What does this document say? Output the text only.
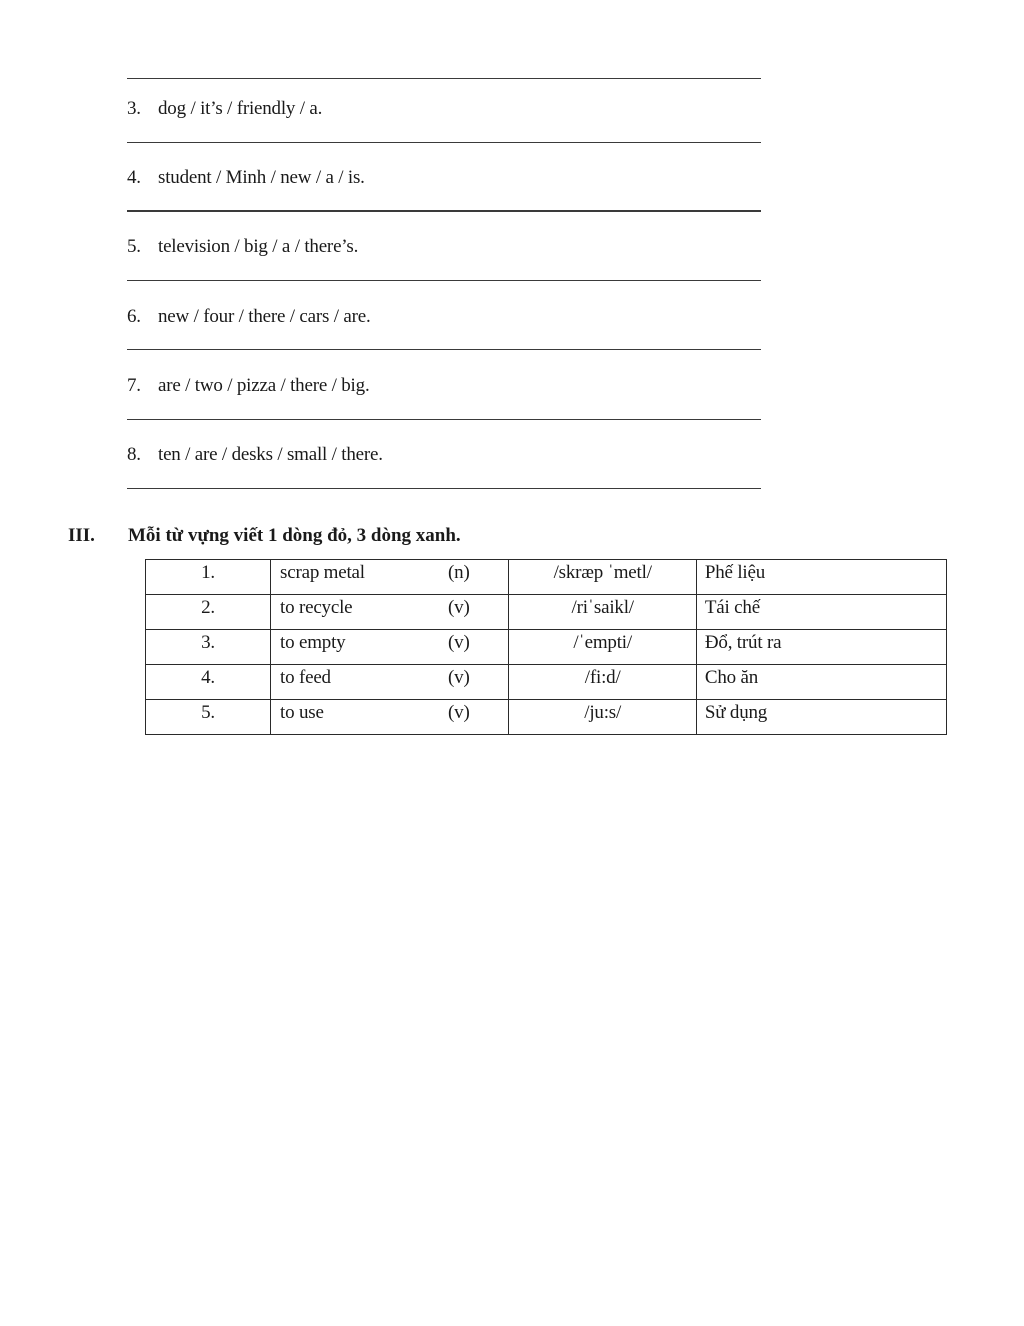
3. dog / it’s / friendly / a.
4. student / Minh / new / a / is.
5. television / big / a / there’s.
6. new / four / there / cars / are.
7. are / two / pizza / there / big.
8. ten / are / desks / small / there.
III. Mỗi từ vựng viết 1 dòng đỏ, 3 dòng xanh.
1.	scrap metal (n)	/skræp ˈmetl/	Phế liệu
2.	to recycle (v)	/riˈsaikl/	Tái chế
3.	to empty (v)	/ˈempti/	Đổ, trút ra
4.	to feed (v)	/fi:d/	Cho ăn
5.	to use (v)	/ju:s/	Sử dụng
